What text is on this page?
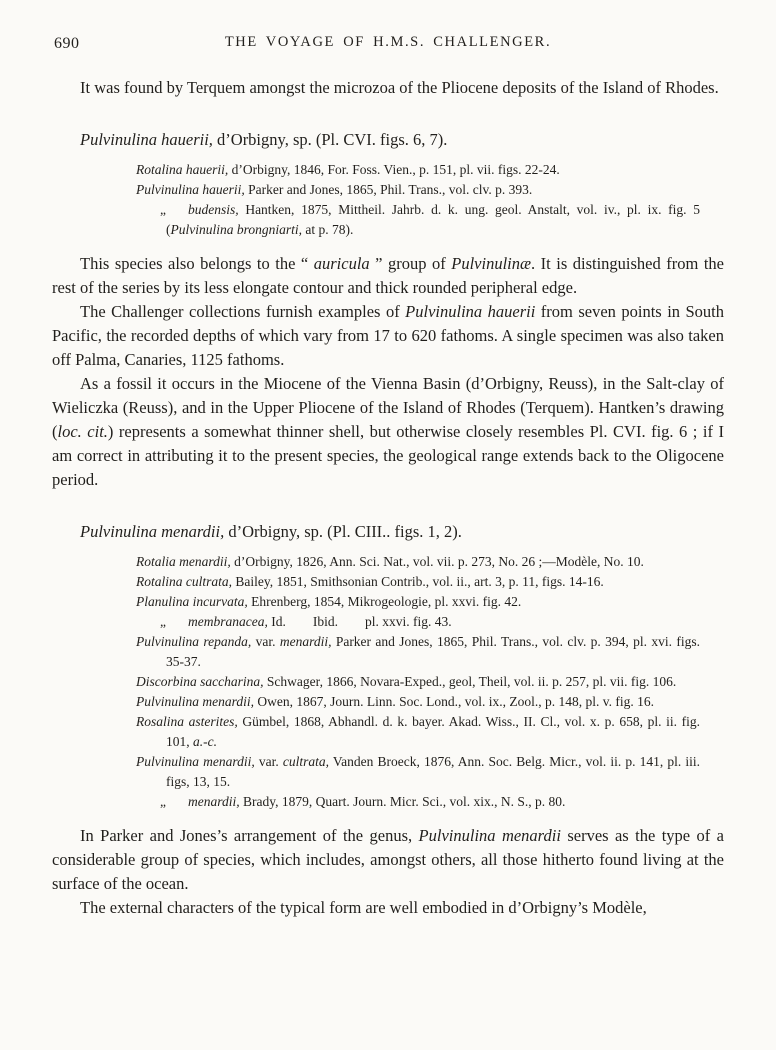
690	THE VOYAGE OF H.M.S. CHALLENGER.

It was found by Terquem amongst the microzoa of the Pliocene deposits of the Island of Rhodes.

Pulvinulina hauerii, d’Orbigny, sp. (Pl. CVI. figs. 6, 7).

Rotalina hauerii, d’Orbigny, 1846, For. Foss. Vien., p. 151, pl. vii. figs. 22-24.

Pulvinulina hauerii, Parker and Jones, 1865, Phil. Trans., vol. clv. p. 393.

„ budensis, Hantken, 1875, Mittheil. Jahrb. d. k. ung. geol. Anstalt, vol. iv., pl. ix. fig. 5 (Pulvinulina brongniarti, at p. 78).

This species also belongs to the “ auricula ” group of Pulvinulinæ. It is distinguished from the rest of the series by its less elongate contour and thick rounded peripheral edge.

The Challenger collections furnish examples of Pulvinulina hauerii from seven points in South Pacific, the recorded depths of which vary from 17 to 620 fathoms. A single specimen was also taken off Palma, Canaries, 1125 fathoms.

As a fossil it occurs in the Miocene of the Vienna Basin (d’Orbigny, Reuss), in the Salt-clay of Wieliczka (Reuss), and in the Upper Pliocene of the Island of Rhodes (Terquem). Hantken’s drawing (loc. cit.) represents a somewhat thinner shell, but otherwise closely resembles Pl. CVI. fig. 6 ; if I am correct in attributing it to the present species, the geological range extends back to the Oligocene period.

Pulvinulina menardii, d’Orbigny, sp. (Pl. CIII.. figs. 1, 2).

Rotalia menardii, d’Orbigny, 1826, Ann. Sci. Nat., vol. vii. p. 273, No. 26 ;—Modèle, No. 10.

Rotalina cultrata, Bailey, 1851, Smithsonian Contrib., vol. ii., art. 3, p. 11, figs. 14-16.

Planulina incurvata, Ehrenberg, 1854, Mikrogeologie, pl. xxvi. fig. 42.

„ membranacea, Id.  Ibid.  pl. xxvi. fig. 43.

Pulvinulina repanda, var. menardii, Parker and Jones, 1865, Phil. Trans., vol. clv. p. 394, pl. xvi. figs. 35-37.

Discorbina saccharina, Schwager, 1866, Novara-Exped., geol, Theil, vol. ii. p. 257, pl. vii. fig. 106.

Pulvinulina menardii, Owen, 1867, Journ. Linn. Soc. Lond., vol. ix., Zool., p. 148, pl. v. fig. 16.

Rosalina asterites, Gümbel, 1868, Abhandl. d. k. bayer. Akad. Wiss., II. Cl., vol. x. p. 658, pl. ii. fig. 101, a.-c.

Pulvinulina menardii, var. cultrata, Vanden Broeck, 1876, Ann. Soc. Belg. Micr., vol. ii. p. 141, pl. iii. figs, 13, 15.

„ menardii, Brady, 1879, Quart. Journ. Micr. Sci., vol. xix., N. S., p. 80.

In Parker and Jones’s arrangement of the genus, Pulvinulina menardii serves as the type of a considerable group of species, which includes, amongst others, all those hitherto found living at the surface of the ocean.

The external characters of the typical form are well embodied in d’Orbigny’s Modèle,
